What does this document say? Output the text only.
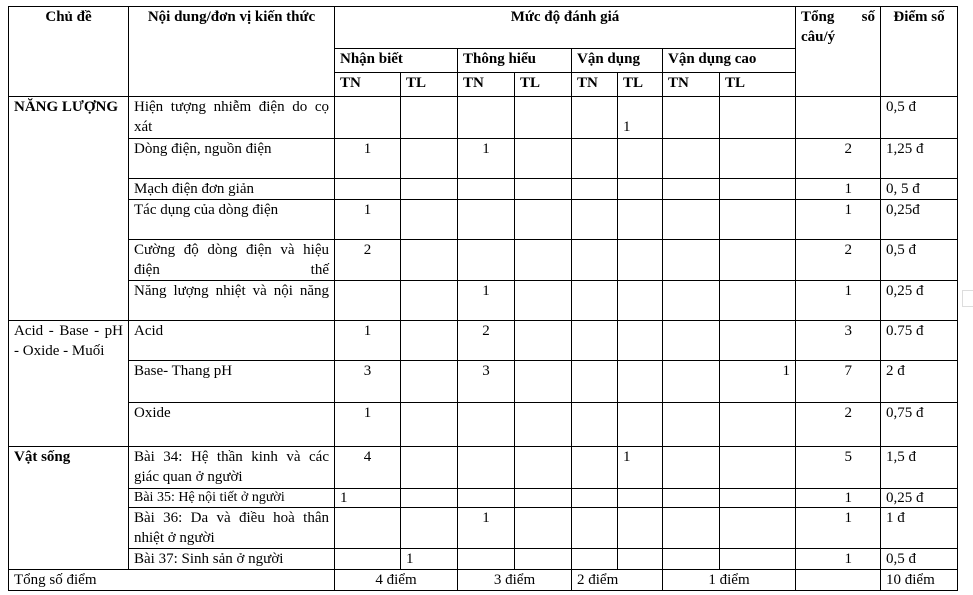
Chủ đề	Nội dung/đơn vị kiến thức	Mức độ đánh giá								Tổng số câu/ý	Điểm số
		Nhận biết		Thông hiểu		Vận dụng		Vận dụng cao			
		TN	TL	TN	TL	TN	TL	TN	TL		
NĂNG LƯỢNG	Hiện tượng nhiễm điện do cọ xát						1				0,5 đ
	Dòng điện, nguồn điện	1		1						2	1,25 đ
	Mạch điện đơn giản									1	0, 5 đ
	Tác dụng của dòng điện	1								1	0,25đ
	Cường độ dòng điện và hiệu điện thế	2								2	0,5 đ
	Năng lượng nhiệt và nội năng			1						1	0,25 đ
Acid - Base - pH - Oxide - Muối	Acid	1		2						3	0.75 đ
	Base- Thang pH	3		3					1	7	2 đ
	Oxide	1								2	0,75 đ
Vật sống	Bài 34: Hệ thần kinh và các giác quan ở người	4					1			5	1,5 đ
	Bài 35: Hệ nội tiết ở người	1								1	0,25 đ
	Bài 36: Da và điều hoà thân nhiệt ở người			1						1	1 đ
	Bài 37: Sinh sản ở người		1							1	0,5 đ
Tổng số điểm		4 điểm		3 điểm		2 điểm		1 điểm			10 điểm
